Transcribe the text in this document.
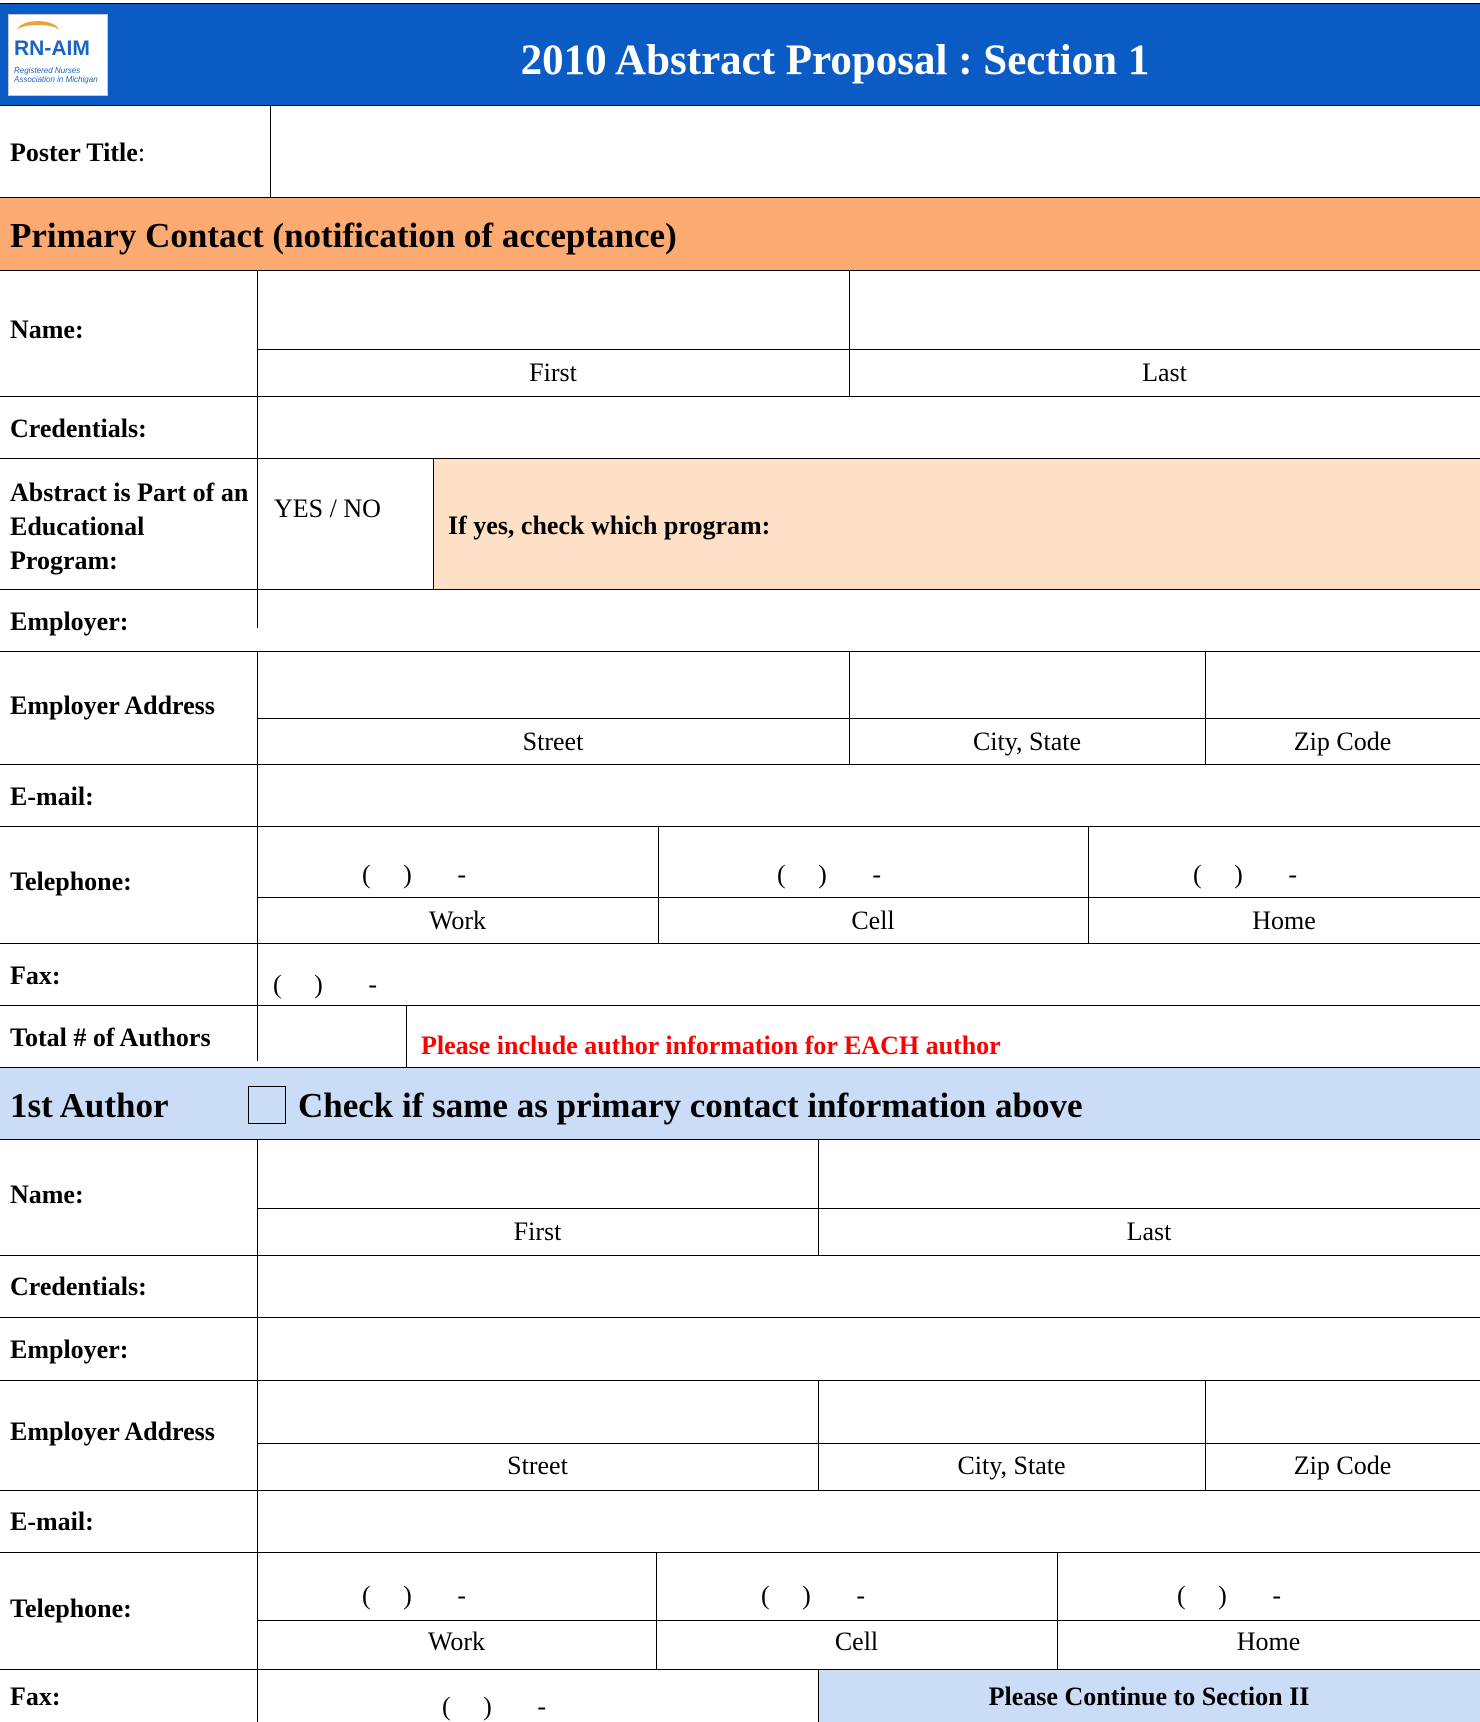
RN-AIM
Registered Nurses Association in Michigan	2010 Abstract Proposal : Section 1
Poster Title:
Primary Contact (notification of acceptance)
Name:
First	Last
Credentials:
Abstract is Part of an Educational Program:
YES / NO
If yes, check which program:
Employer:
Employer Address
Street	City, State	Zip Code
E-mail:
Telephone:	(     )       -	(     )       -	(     )       -
Work	Cell	Home
Fax:	(     )       -
Total # of Authors	Please include author information for EACH author
1st Author	Check if same as primary contact information above
Name:
First	Last
Credentials:
Employer:
Employer Address
Street	City, State	Zip Code
E-mail:
Telephone:	(     )       -	(     )       -	(     )       -
Work	Cell	Home
Fax:	(     )       -	Please Continue to Section II
